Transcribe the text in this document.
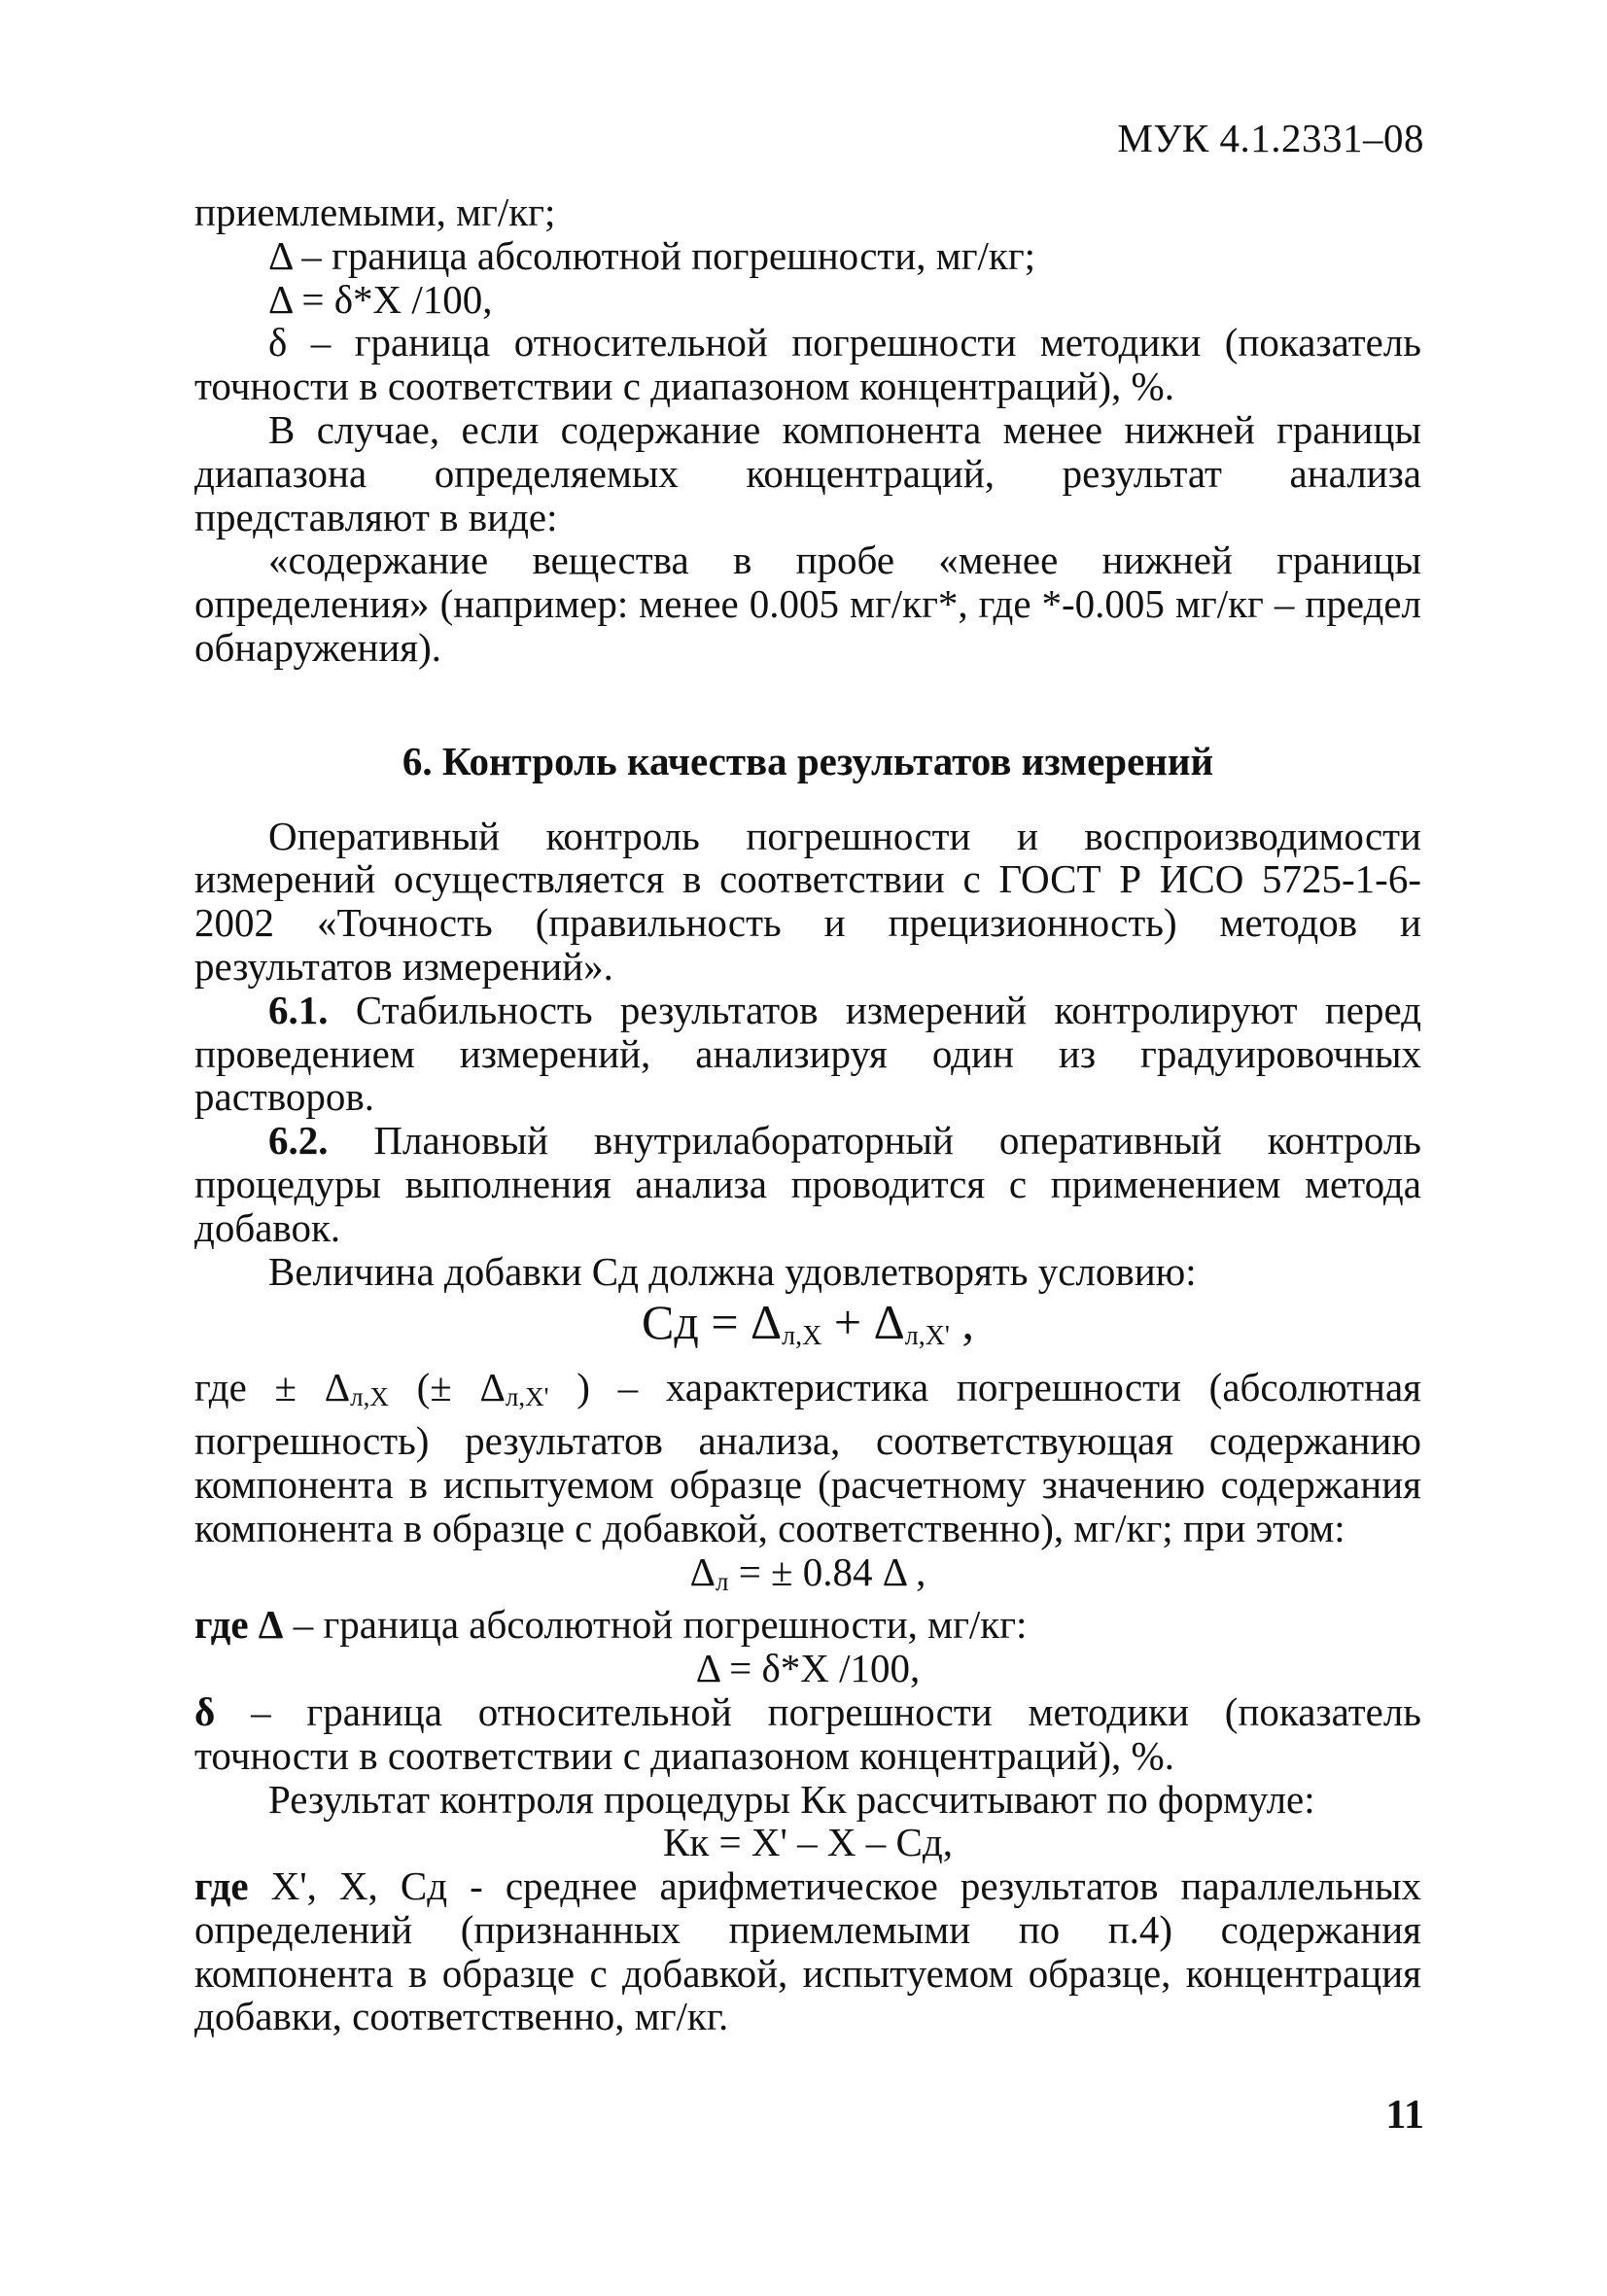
МУК 4.1.2331–08

приемлемыми, мг/кг;

Δ – граница абсолютной погрешности, мг/кг;

Δ = δ*X /100,

δ – граница относительной погрешности методики (показатель точности в соответствии с диапазоном концентраций), %.

В случае, если содержание компонента менее нижней границы диапазона определяемых концентраций, результат анализа представляют в виде:

«содержание вещества в пробе «менее нижней границы определения» (например: менее 0.005 мг/кг*, где *-0.005 мг/кг – предел обнаружения).

6. Контроль качества результатов измерений

Оперативный контроль погрешности и воспроизводимости измерений осуществляется в соответствии с ГОСТ Р ИСО 5725-1-6-2002 «Точность (правильность и прецизионность) методов и результатов измерений».

6.1. Стабильность результатов измерений контролируют перед проведением измерений, анализируя один из градуировочных растворов.

6.2. Плановый внутрилабораторный оперативный контроль процедуры выполнения анализа проводится с применением метода добавок.

Величина добавки Cд должна удовлетворять условию:

Cд = $\Delta_{л,X} + \Delta_{л,X'}$ ,

где ± Δл,X (± Δл,X' ) – характеристика погрешности (абсолютная погрешность) результатов анализа, соответствующая содержанию компонента в испытуемом образце (расчетному значению содержания компонента в образце с добавкой, соответственно), мг/кг; при этом:

Δл = ± 0.84 Δ ,

где Δ – граница абсолютной погрешности, мг/кг:

Δ = δ*X /100,

δ – граница относительной погрешности методики (показатель точности в соответствии с диапазоном концентраций), %.

Результат контроля процедуры Кк рассчитывают по формуле:

Кк = X' – X – Cд,

где X', X, Cд - среднее арифметическое результатов параллельных определений (признанных приемлемыми по п.4) содержания компонента в образце с добавкой, испытуемом образце, концентрация добавки, соответственно, мг/кг.

11
